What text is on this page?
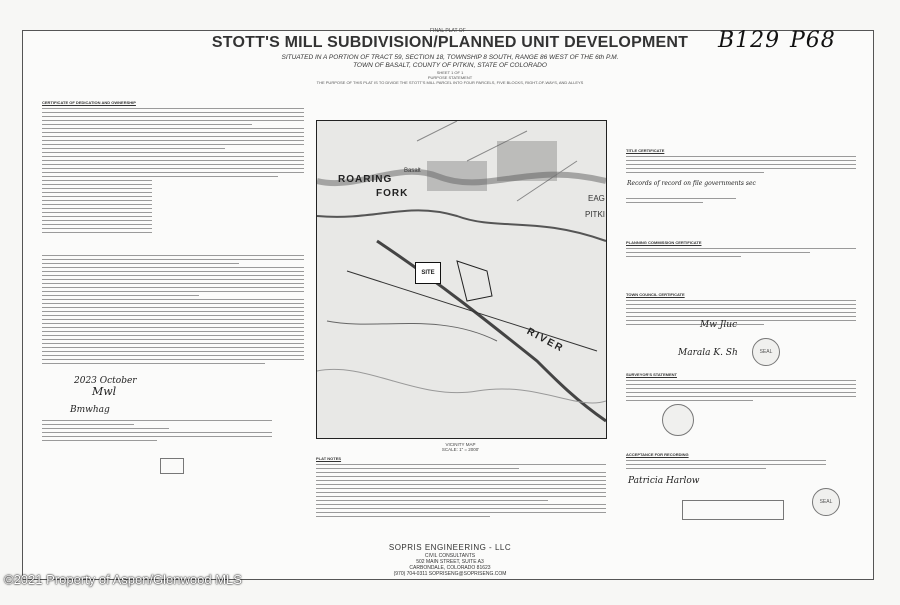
FINAL PLAT OF	B129 P68
STOTT'S MILL SUBDIVISION/PLANNED UNIT DEVELOPMENT
SITUATED IN A PORTION OF TRACT 59, SECTION 18, TOWNSHIP 8 SOUTH, RANGE 86 WEST OF THE 6th P.M.
TOWN OF BASALT, COUNTY OF PITKIN, STATE OF COLORADO
SHEET 1 OF 1
PURPOSE STATEMENT
THE PURPOSE OF THIS PLAT IS TO DIVIDE THE STOTT'S MILL PARCEL INTO FOUR PARCELS, FIVE BLOCKS, RIGHT-OF-WAYS, AND ALLEYS
CERTIFICATE OF DEDICATION AND OWNERSHIP
2023 October
Mwl
Bmwhag
ROARING
FORK
RIVER
Basalt
EAG
PITKI
SITE
VICINITY MAP
SCALE: 1" = 2000'
PLAT NOTES
TITLE CERTIFICATE
Records of record on file governments sec
PLANNING COMMISSION CERTIFICATE
TOWN COUNCIL CERTIFICATE
Mw Jluc
Marala K. Sh	SEAL
SURVEYOR'S STATEMENT
ACCEPTANCE FOR RECORDING
Patricia Harlow
SEAL
SOPRIS ENGINEERING - LLC
CIVIL CONSULTANTS
502 MAIN STREET, SUITE A3
CARBONDALE, COLORADO 81623
(970) 704-0311 SOPRISENG@SOPRISENG.COM
©2021 Property of Aspen/Glenwood MLS
